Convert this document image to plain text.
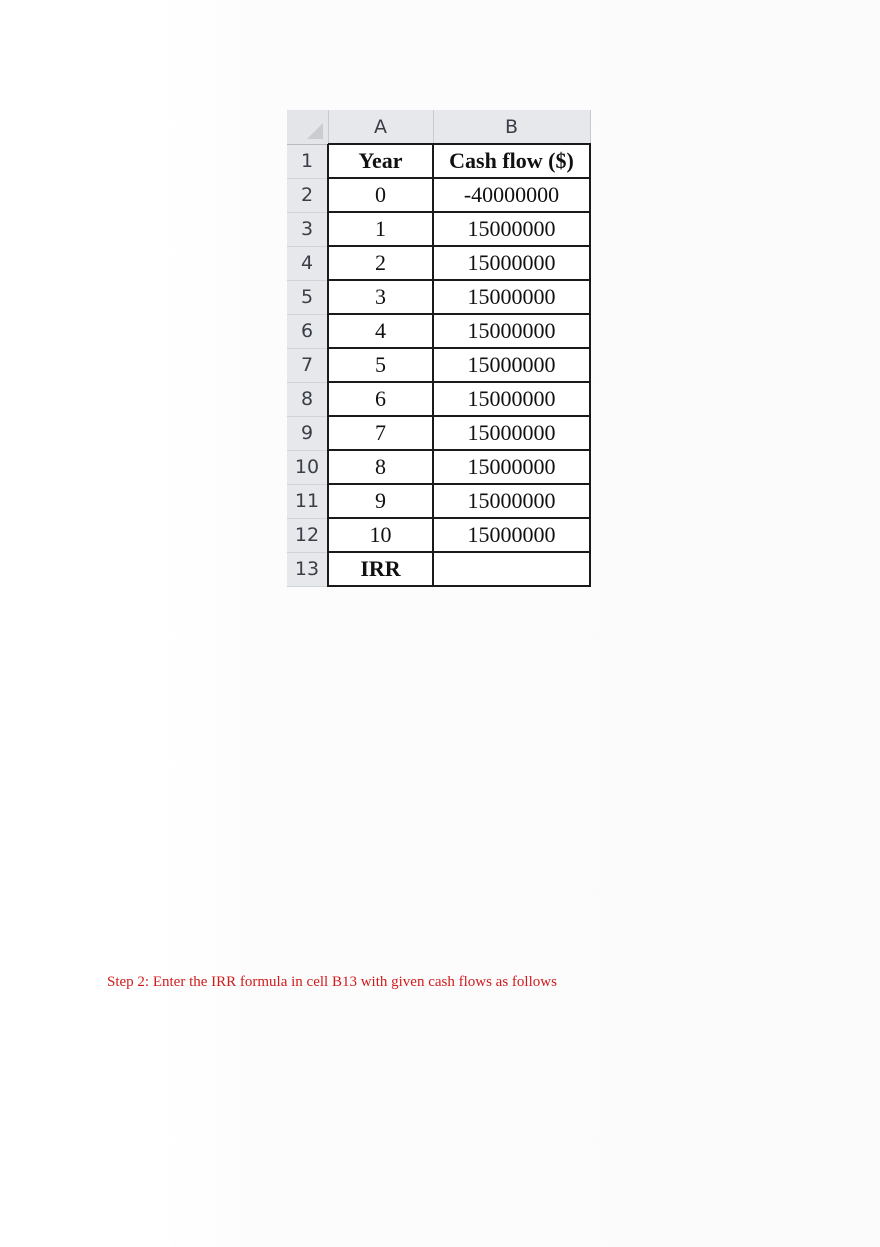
	A	B
1	Year	Cash flow ($)
2	0	-40000000
3	1	15000000
4	2	15000000
5	3	15000000
6	4	15000000
7	5	15000000
8	6	15000000
9	7	15000000
10	8	15000000
11	9	15000000
12	10	15000000
13	IRR	
Step 2: Enter the IRR formula in cell B13 with given cash flows as follows
